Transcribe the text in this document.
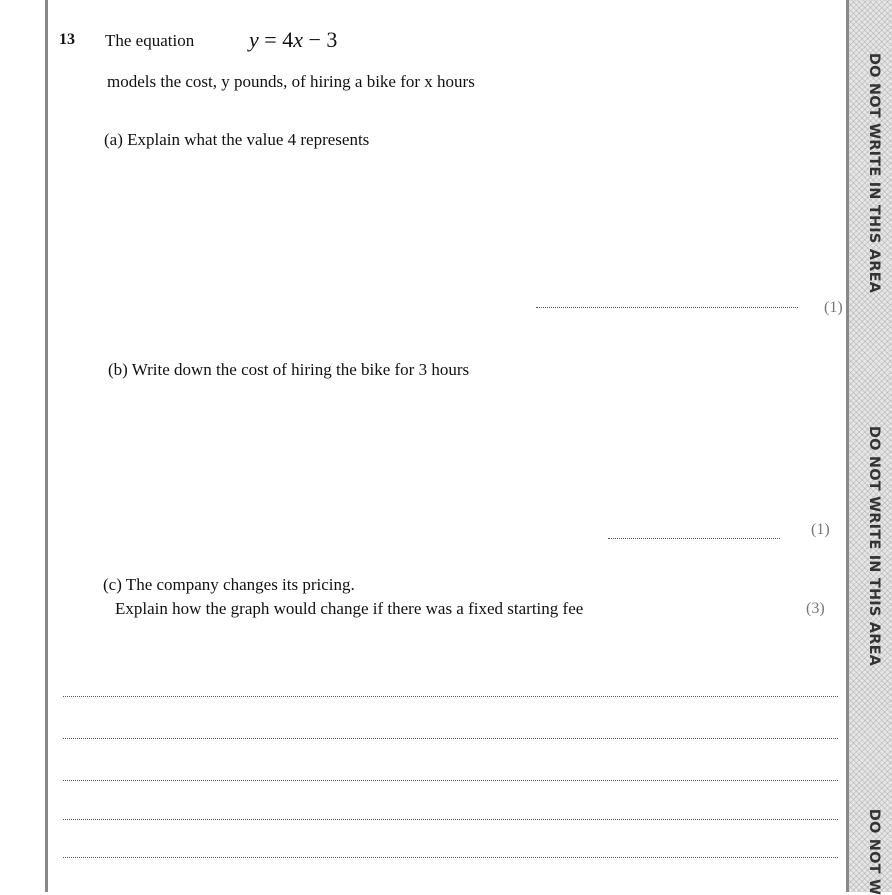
DO NOT WRITE IN THIS AREA
DO NOT WRITE IN THIS AREA
DO NOT W
13 The equation y = 4x − 3
models the cost, y pounds, of hiring a bike for x hours
(a) Explain what the value 4 represents
(1)
(b) Write down the cost of hiring the bike for 3 hours
(1)
(c) The company changes its pricing.
Explain how the graph would change if there was a fixed starting fee	(3)
